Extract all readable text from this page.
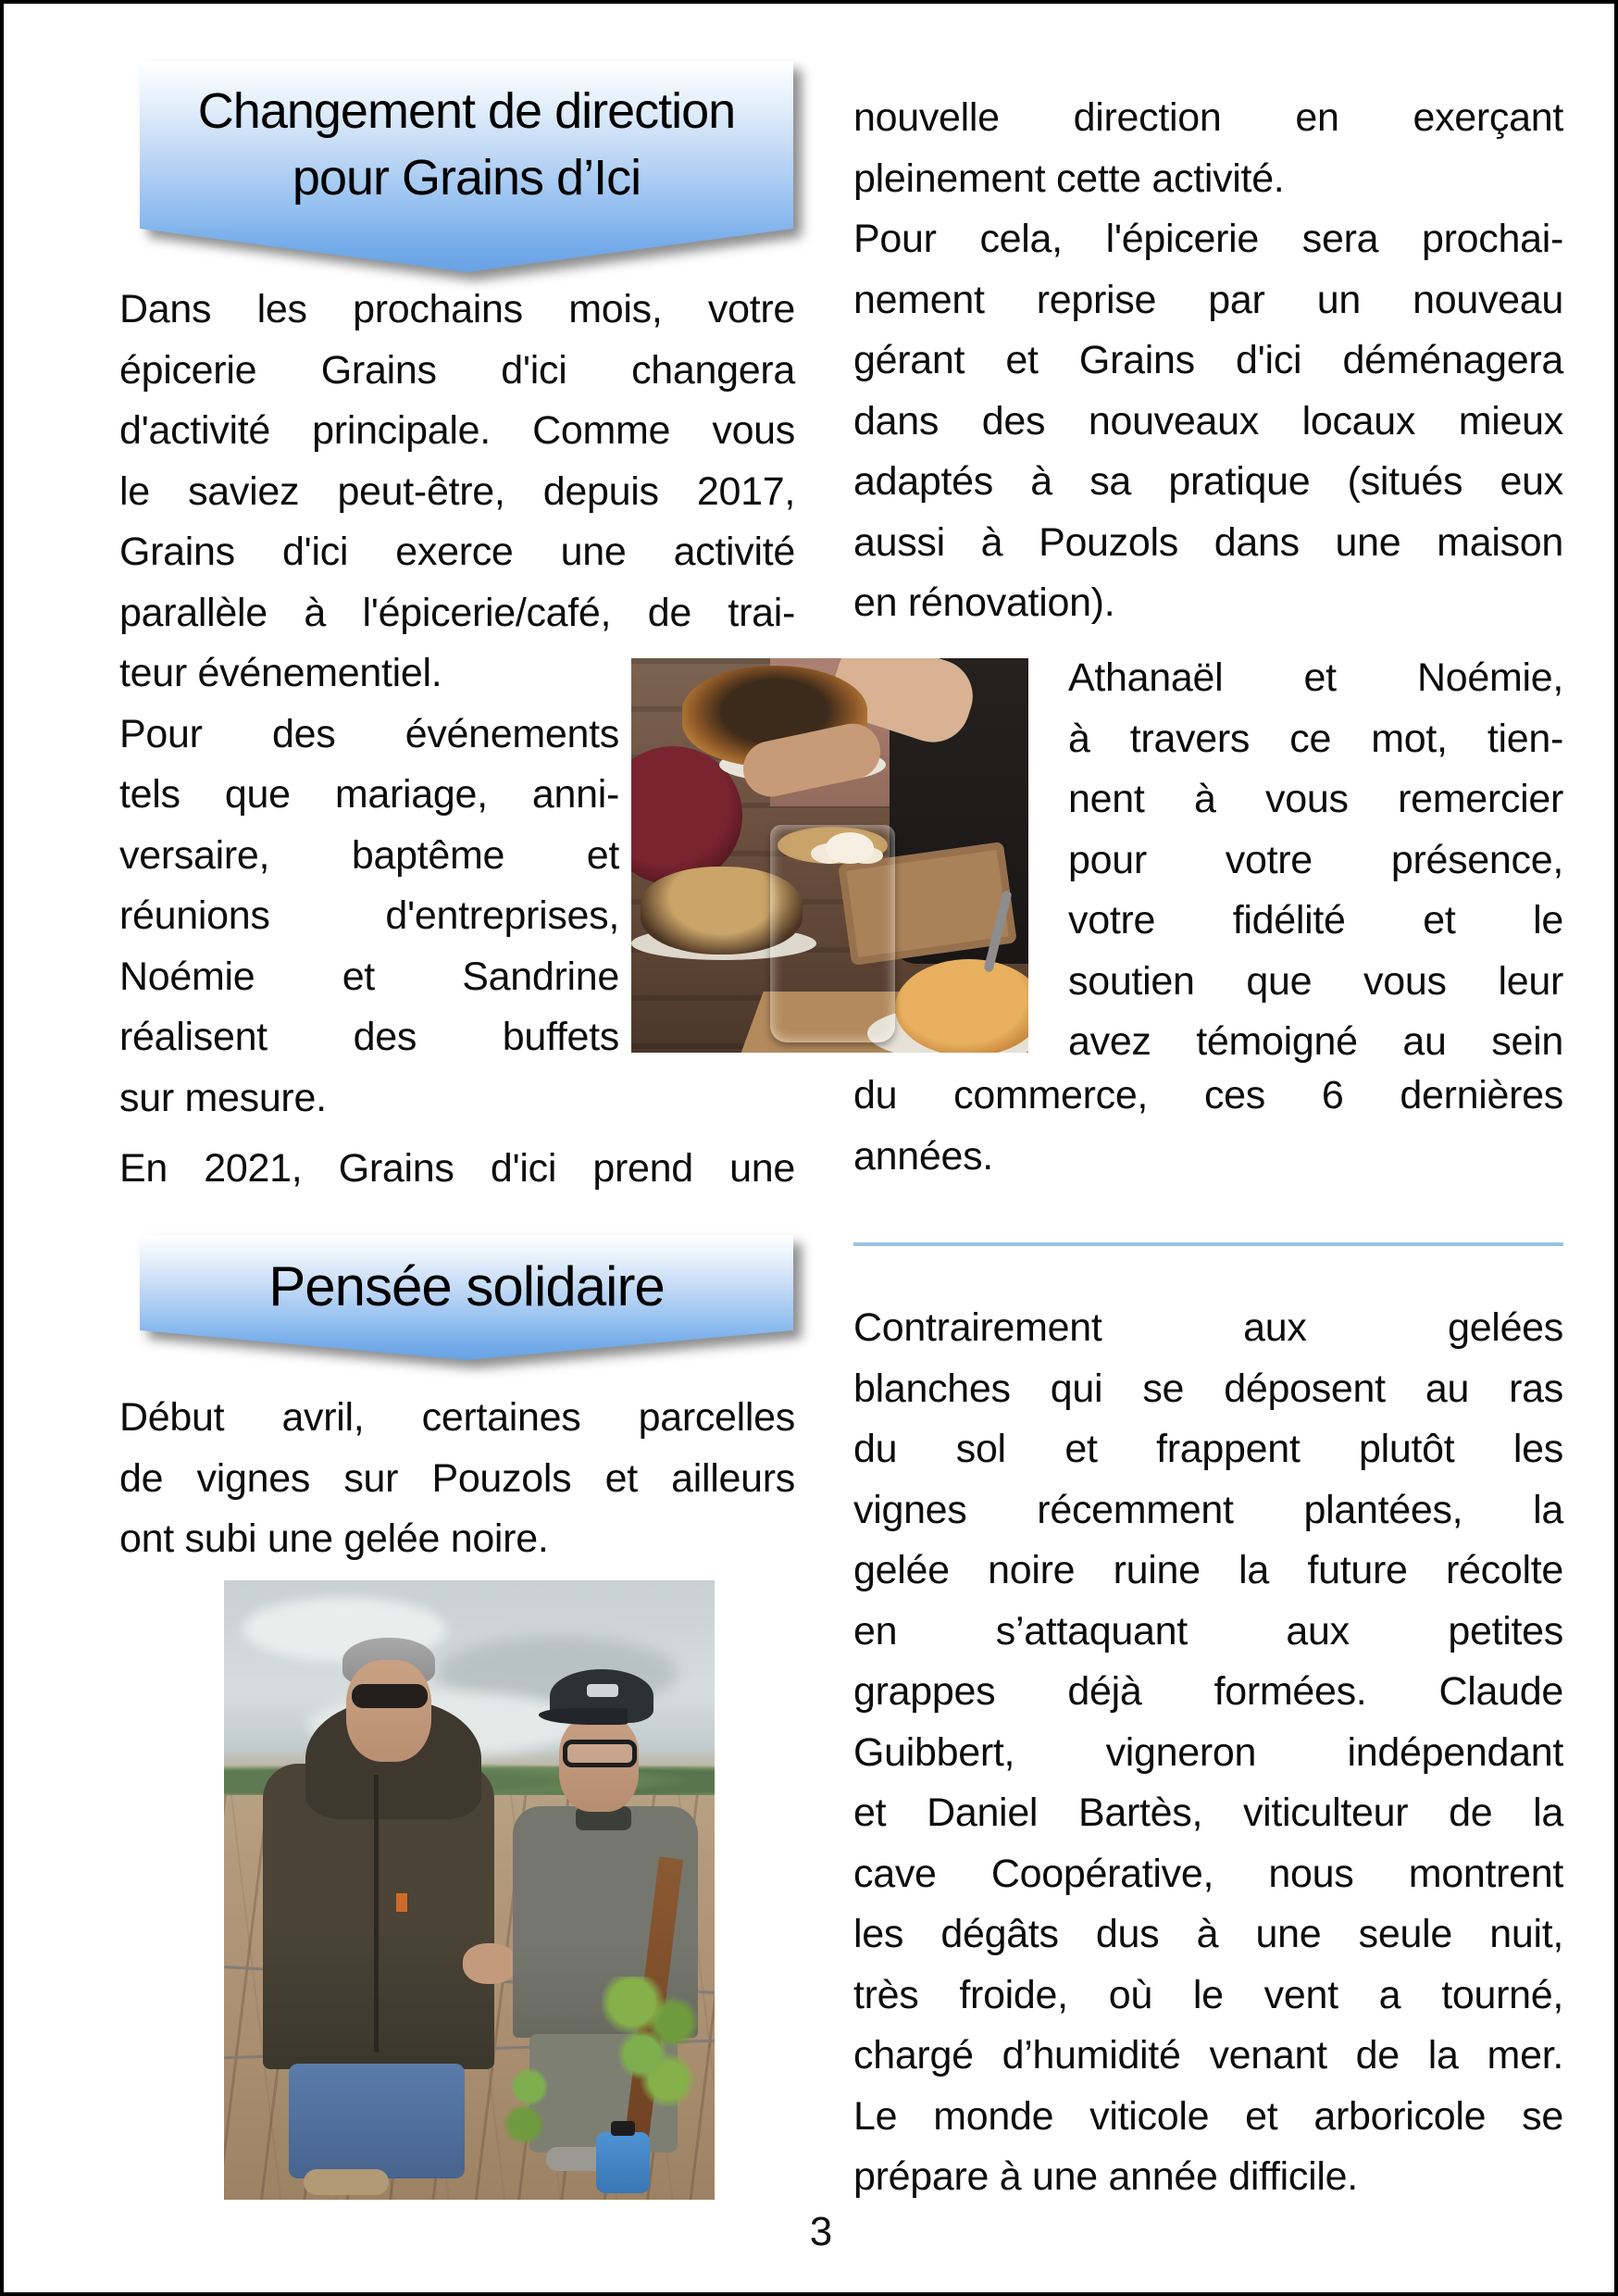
Changement de direction
pour Grains d’Ici
Dans les prochains mois, votre
épicerie Grains d'ici changera
d'activité principale. Comme vous
le saviez peut-être, depuis 2017,
Grains d'ici exerce une activité
parallèle à l'épicerie/café, de trai-
teur événementiel.
Pour des événements
tels que mariage, anni-
versaire, baptême et
réunions d'entreprises,
Noémie et Sandrine
réalisent des buffets
sur mesure.
En 2021, Grains d'ici prend une
Pensée solidaire
Début avril, certaines parcelles
de vignes sur Pouzols et ailleurs
ont subi une gelée noire.
nouvelle direction en exerçant
pleinement cette activité.
Pour cela, l'épicerie sera prochai-
nement reprise par un nouveau
gérant et Grains d'ici déménagera
dans des nouveaux locaux mieux
adaptés à sa pratique (situés eux
aussi à Pouzols dans une maison
en rénovation).
Athanaël et Noémie,
à travers ce mot, tien-
nent à vous remercier
pour votre présence,
votre fidélité et le
soutien que vous leur
avez témoigné au sein
du commerce, ces 6 dernières
années.
Contrairement aux gelées
blanches qui se déposent au ras
du sol et frappent plutôt les
vignes récemment plantées, la
gelée noire ruine la future récolte
en s’attaquant aux petites
grappes déjà formées. Claude
Guibbert, vigneron indépendant
et Daniel Bartès, viticulteur de la
cave Coopérative, nous montrent
les dégâts dus à une seule nuit,
très froide, où le vent a tourné,
chargé d’humidité venant de la mer.
Le monde viticole et arboricole se
prépare à une année difficile.
3
